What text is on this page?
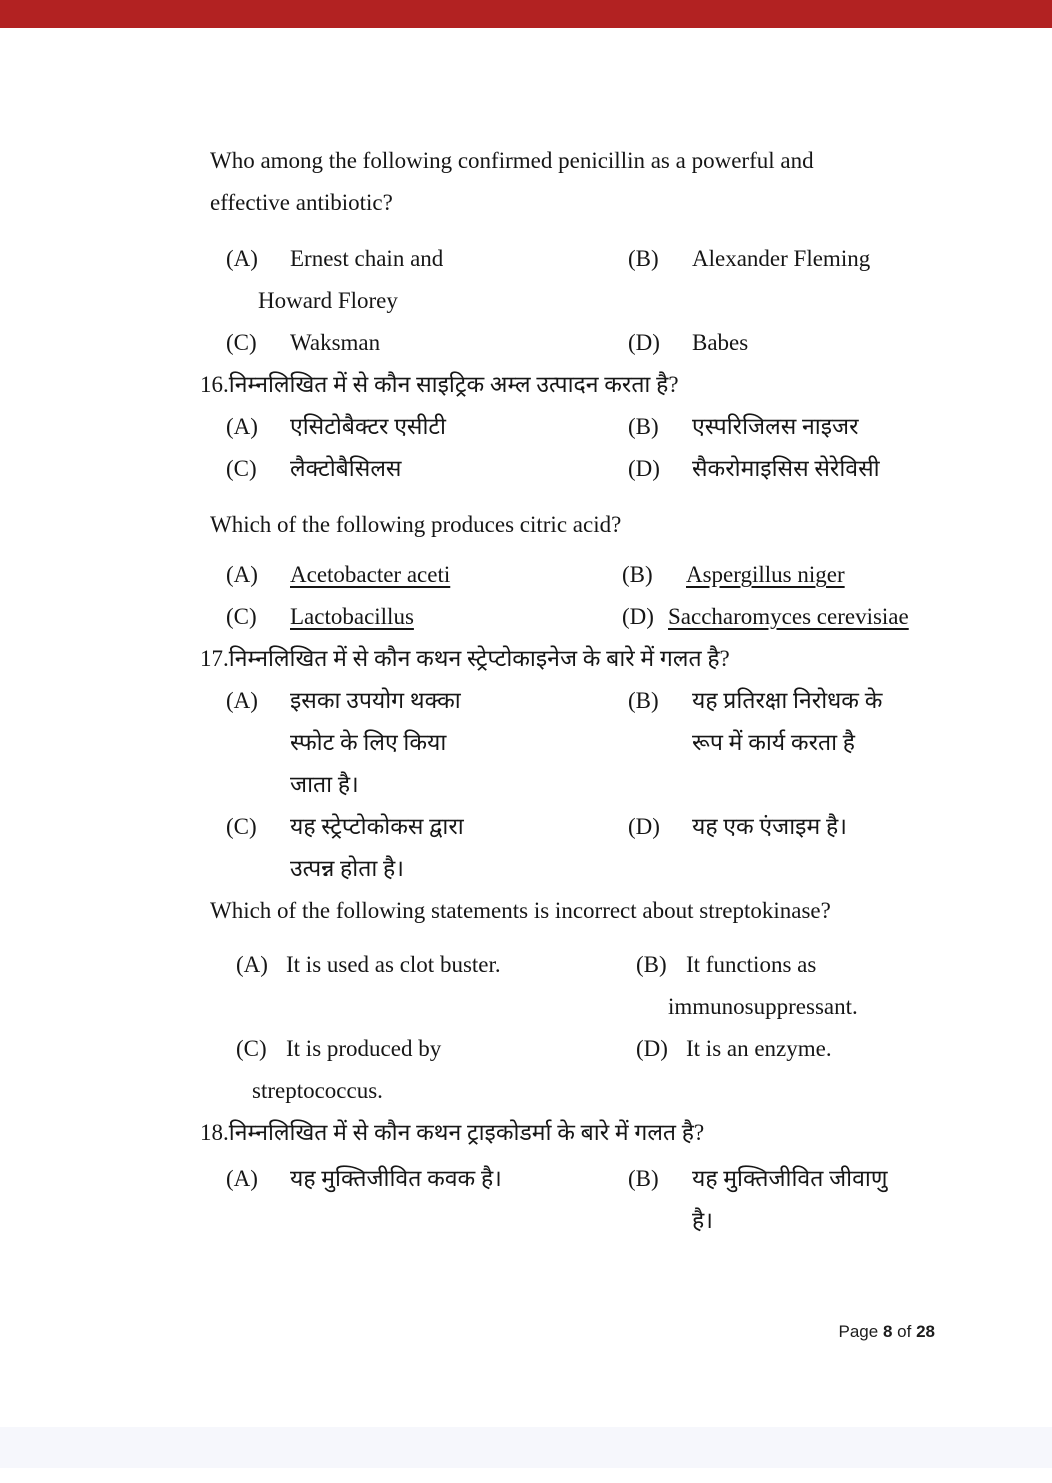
Who among the following confirmed penicillin as a powerful and
effective antibiotic?
(A)	Ernest chain and
Howard Florey
(B)	Alexander Fleming
(C)	Waksman	(D)	Babes
16.निम्नलिखित में से कौन साइट्रिक अम्ल उत्पादन करता है?
(A)	एसिटोबैक्टर एसीटी	(B)	एस्परिजिलस नाइजर
(C)	लैक्टोबैसिलस	(D)	सैकरोमाइसिस सेरेविसी
Which of the following produces citric acid?
(A)	Acetobacter aceti	(B)	Aspergillus niger
(C)	Lactobacillus	(D) Saccharomyces cerevisiae
17.निम्नलिखित में से कौन कथन स्ट्रेप्टोकाइनेज के बारे में गलत है?
(A)	इसका उपयोग थक्का
स्फोट के लिए किया
जाता है।
(B)	यह प्रतिरक्षा निरोधक के
रूप में कार्य करता है
(C)	यह स्ट्रेप्टोकोकस द्वारा
उत्पन्न होता है।
(D)	यह एक एंजाइम है।
Which of the following statements is incorrect about streptokinase?
(A) It is used as clot buster.	(B) It functions as
immunosuppressant.
(C) It is produced by
streptococcus.
(D) It is an enzyme.
18.निम्नलिखित में से कौन कथन ट्राइकोडर्मा के बारे में गलत है?
(A)	यह मुक्तिजीवित कवक है।	(B)	यह मुक्तिजीवित जीवाणु
है।
Page 8 of 28
